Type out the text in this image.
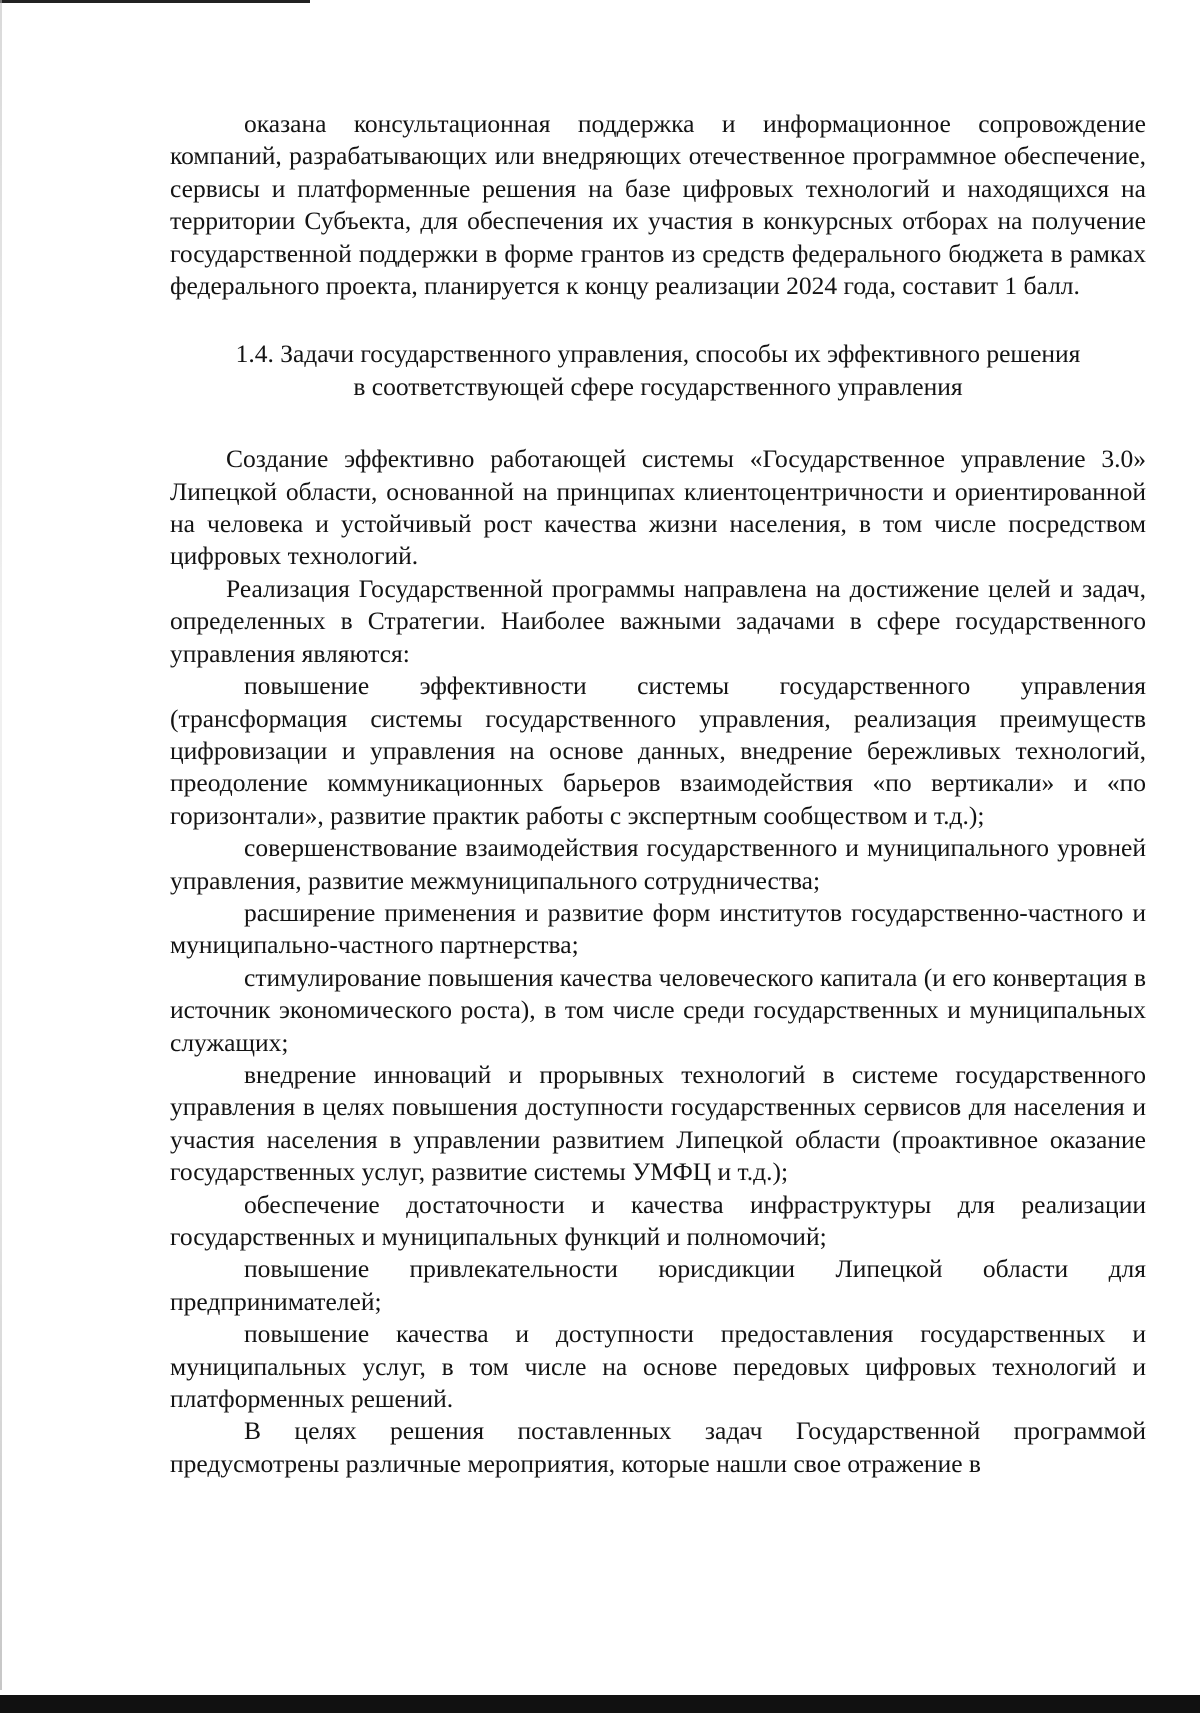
оказана консультационная поддержка и информационное сопровождение компаний, разрабатывающих или внедряющих отечественное программное обеспечение, сервисы и платформенные решения на базе цифровых технологий и находящихся на территории Субъекта, для обеспечения их участия в конкурсных отборах на получение государственной поддержки в форме грантов из средств федерального бюджета в рамках федерального проекта, планируется к концу реализации 2024 года, составит 1 балл.

1.4. Задачи государственного управления, способы их эффективного решения
в соответствующей сфере государственного управления

Создание эффективно работающей системы «Государственное управление 3.0» Липецкой области, основанной на принципах клиентоцентричности и ориентированной на человека и устойчивый рост качества жизни населения, в том числе посредством цифровых технологий.

Реализация Государственной программы направлена на достижение целей и задач, определенных в Стратегии. Наиболее важными задачами в сфере государственного управления являются:

повышение эффективности системы государственного управления (трансформация системы государственного управления, реализация преимуществ цифровизации и управления на основе данных, внедрение бережливых технологий, преодоление коммуникационных барьеров взаимодействия «по вертикали» и «по горизонтали», развитие практик работы с экспертным сообществом и т.д.);

совершенствование взаимодействия государственного и муниципального уровней управления, развитие межмуниципального сотрудничества;

расширение применения и развитие форм институтов государственно-частного и муниципально-частного партнерства;

стимулирование повышения качества человеческого капитала (и его конвертация в источник экономического роста), в том числе среди государственных и муниципальных служащих;

внедрение инноваций и прорывных технологий в системе государственного управления в целях повышения доступности государственных сервисов для населения и участия населения в управлении развитием Липецкой области (проактивное оказание государственных услуг, развитие системы УМФЦ и т.д.);

обеспечение достаточности и качества инфраструктуры для реализации государственных и муниципальных функций и полномочий;

повышение привлекательности юрисдикции Липецкой области для предпринимателей;

повышение качества и доступности предоставления государственных и муниципальных услуг, в том числе на основе передовых цифровых технологий и платформенных решений.

В целях решения поставленных задач Государственной программой предусмотрены различные мероприятия, которые нашли свое отражение в
